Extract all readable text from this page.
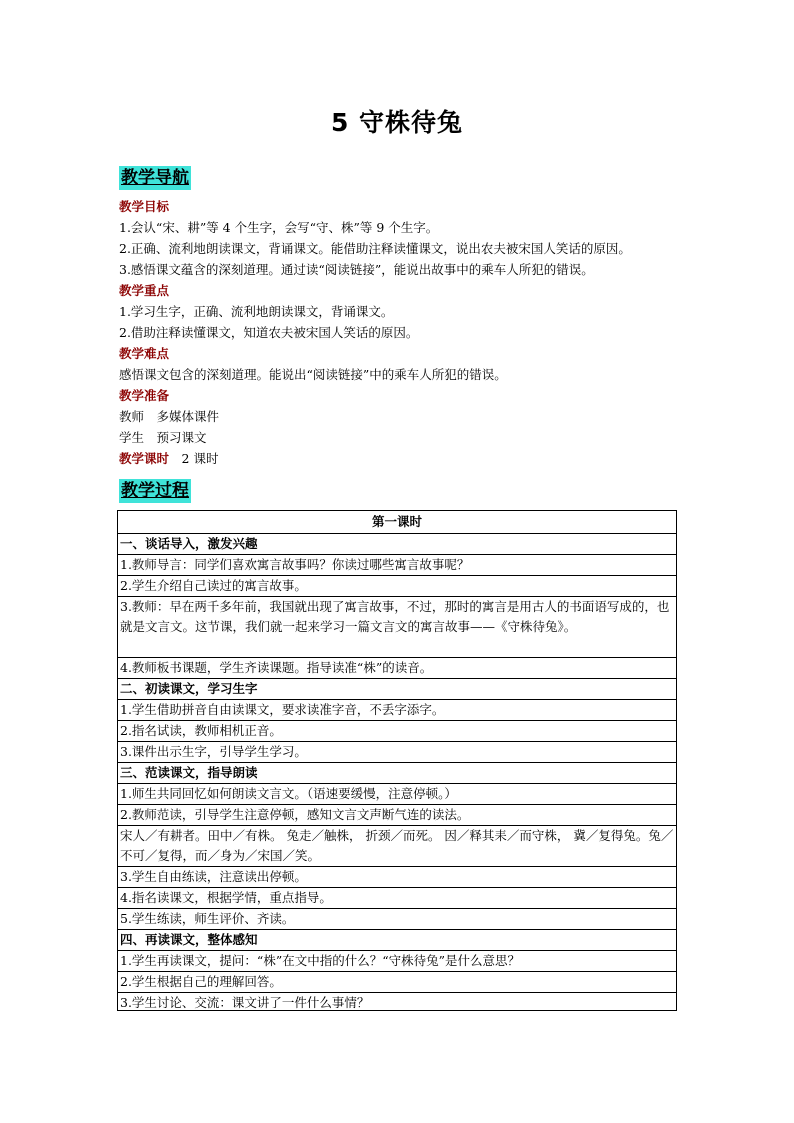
5 守株待兔
教学导航
教学目标
1.会认“宋、耕”等 4 个生字，会写“守、株”等 9 个生字。
2.正确、流利地朗读课文，背诵课文。能借助注释读懂课文，说出农夫被宋国人笑话的原因。
3.感悟课文蕴含的深刻道理。通过读“阅读链接”，能说出故事中的乘车人所犯的错误。
教学重点
1.学习生字，正确、流利地朗读课文，背诵课文。
2.借助注释读懂课文，知道农夫被宋国人笑话的原因。
教学难点
感悟课文包含的深刻道理。能说出“阅读链接”中的乘车人所犯的错误。
教学准备
教师　多媒体课件
学生　预习课文
教学课时　2 课时
教学过程
第一课时
一、谈话导入，激发兴趣
1.教师导言：同学们喜欢寓言故事吗？你读过哪些寓言故事呢？
2.学生介绍自己读过的寓言故事。
3.教师：早在两千多年前，我国就出现了寓言故事，不过，那时的寓言是用古人的书面语写成的，也就是文言文。这节课，我们就一起来学习一篇文言文的寓言故事——《守株待兔》。
4.教师板书课题，学生齐读课题。指导读准“株”的读音。
二、初读课文，学习生字
1.学生借助拼音自由读课文，要求读准字音，不丢字添字。
2.指名试读，教师相机正音。
3.课件出示生字，引导学生学习。
三、范读课文，指导朗读
1.师生共同回忆如何朗读文言文。（语速要缓慢，注意停顿。）
2.教师范读，引导学生注意停顿，感知文言文声断气连的读法。
宋人／有耕者。田中／有株。 兔走／触株， 折颈／而死。 因／释其耒／而守株， 冀／复得兔。兔／不可／复得，而／身为／宋国／笑。
3.学生自由练读，注意读出停顿。
4.指名读课文，根据学情，重点指导。
5.学生练读，师生评价、齐读。
四、再读课文，整体感知
1.学生再读课文，提问：“株”在文中指的什么？“守株待兔”是什么意思？
2.学生根据自己的理解回答。
3.学生讨论、交流：课文讲了一件什么事情？
